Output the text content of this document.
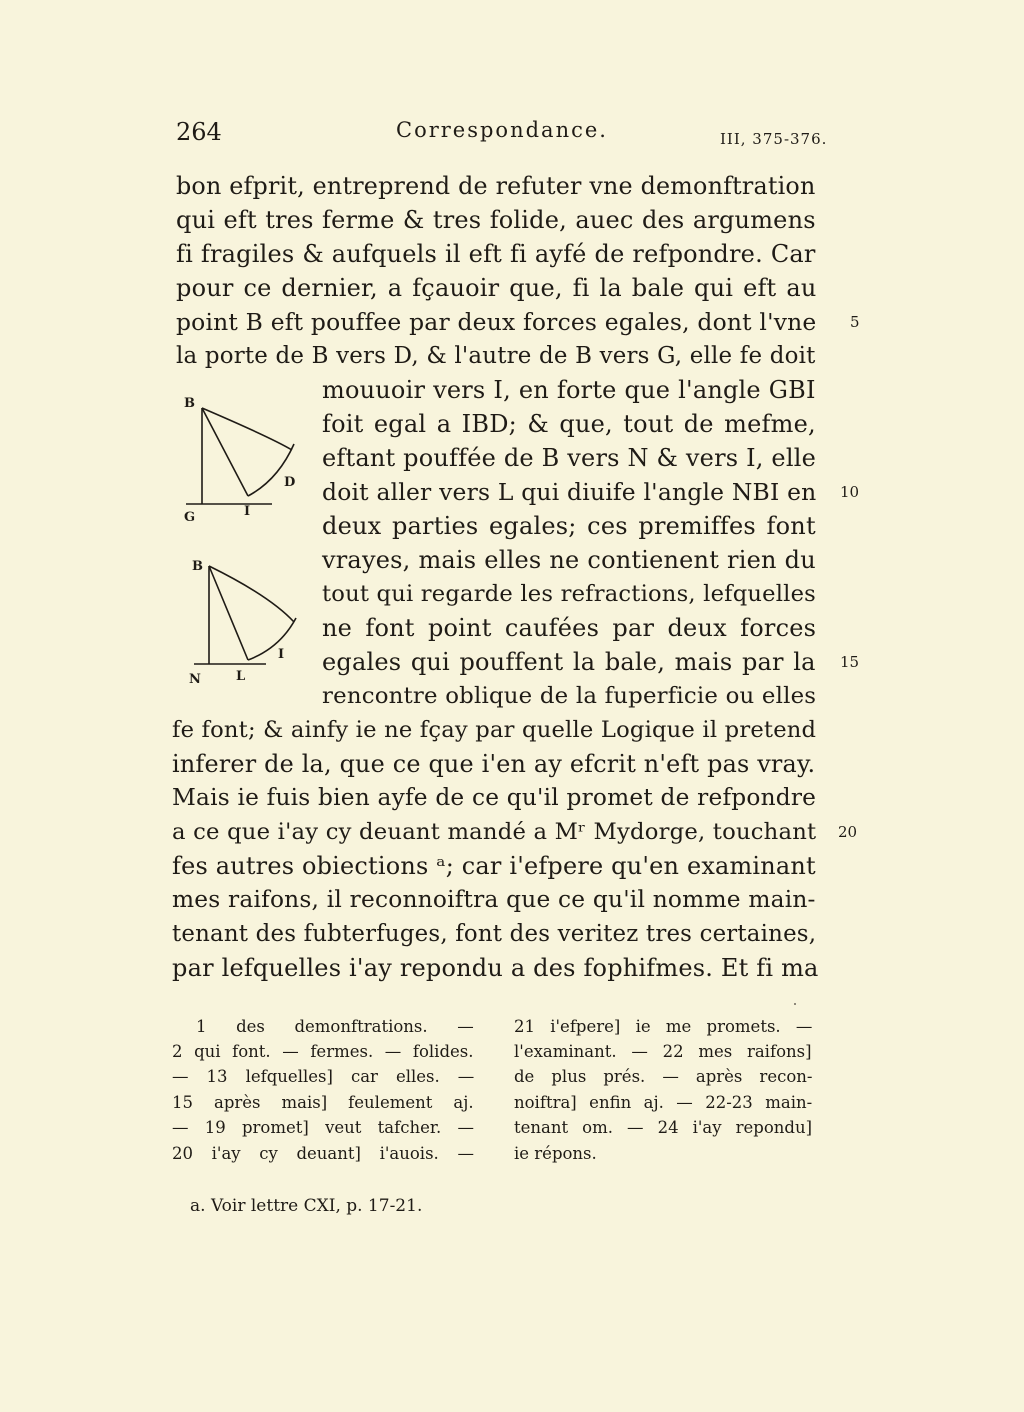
264	Correspondance.	III, 375-376.

bon efprit, entreprend de refuter vne demonftration

qui eft tres ferme & tres folide, auec des argumens

fi fragiles & aufquels il eft fi ayfé de refpondre. Car

pour ce dernier, a fçauoir que, fi la bale qui eft au

point B eft pouffee par deux forces egales, dont l'vne

la porte de B vers D, & l'autre de B vers G, elle fe doit

mouuoir vers I, en forte que l'angle GBI

foit egal a IBD; & que, tout de mefme,

eftant pouffée de B vers N & vers I, elle

doit aller vers L qui diuife l'angle NBI en

deux parties egales; ces premiffes font

vrayes, mais elles ne contienent rien du

tout qui regarde les refractions, lefquelles

ne font point caufées par deux forces

egales qui pouffent la bale, mais par la

rencontre oblique de la fuperficie ou elles

fe font; & ainfy ie ne fçay par quelle Logique il pretend

inferer de la, que ce que i'en ay efcrit n'eft pas vray.

Mais ie fuis bien ayfe de ce qu'il promet de refpondre

a ce que i'ay cy deuant mandé a Mʳ Mydorge, touchant

fes autres obiections ᵃ; car i'efpere qu'en examinant

mes raifons, il reconnoiftra que ce qu'il nomme main-

tenant des fubterfuges, font des veritez tres certaines,

par lefquelles i'ay repondu a des fophifmes. Et fi ma

5
10
15
20
B
D
G	I
B
I
N	L

1 des demonftrations. —

2 qui font. — fermes. — folides.

— 13 lefquelles] car elles. —

15 après mais] feulement aj.

— 19 promet] veut tafcher. —

20 i'ay cy deuant] i'auois. —

21 i'efpere] ie me promets. —

l'examinant. — 22 mes raifons]

de plus prés. — après recon-

noiftra] enfin aj. — 22-23 main-

tenant om. — 24 i'ay repondu]

ie répons.

a. Voir lettre CXI, p. 17-21.
